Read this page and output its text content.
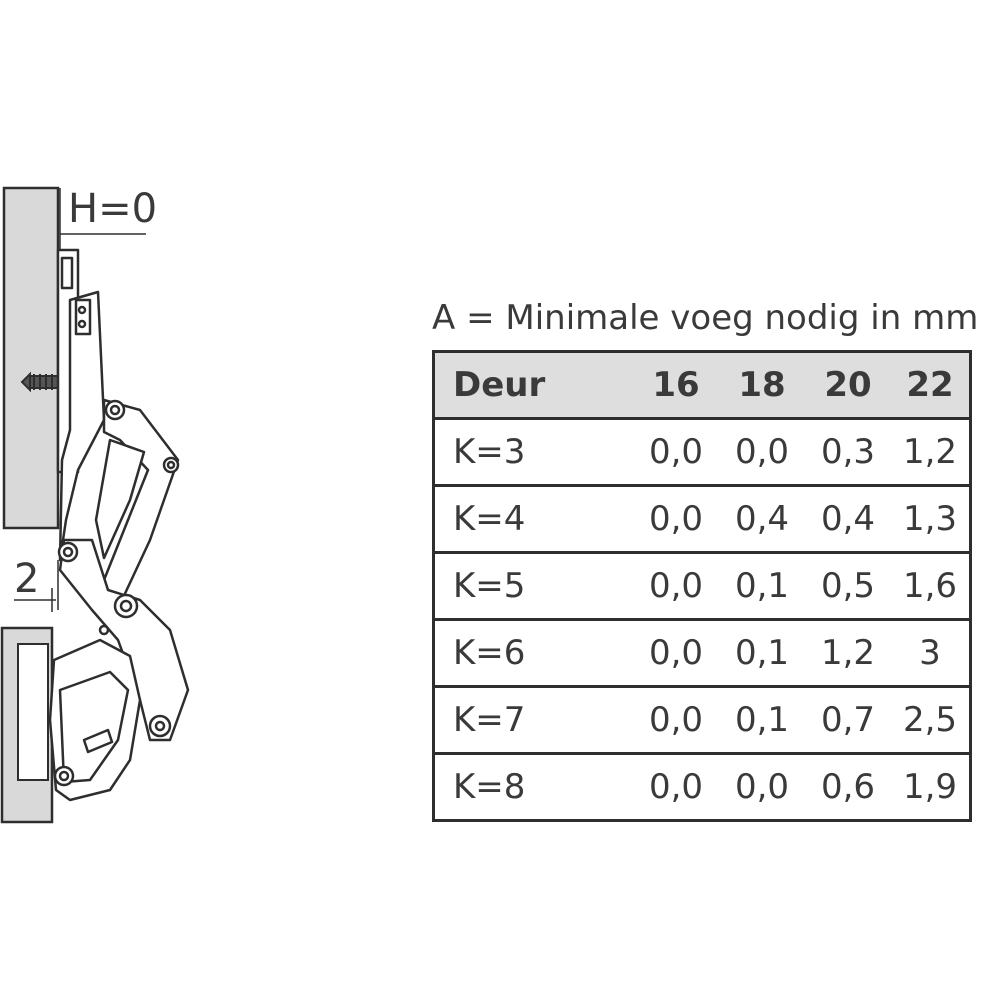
H=0
2
A = Minimale voeg nodig in mm
Deur	16	18	20	22
K=3	0,0	0,0	0,3	1,2
K=4	0,0	0,4	0,4	1,3
K=5	0,0	0,1	0,5	1,6
K=6	0,0	0,1	1,2	3
K=7	0,0	0,1	0,7	2,5
K=8	0,0	0,0	0,6	1,9
